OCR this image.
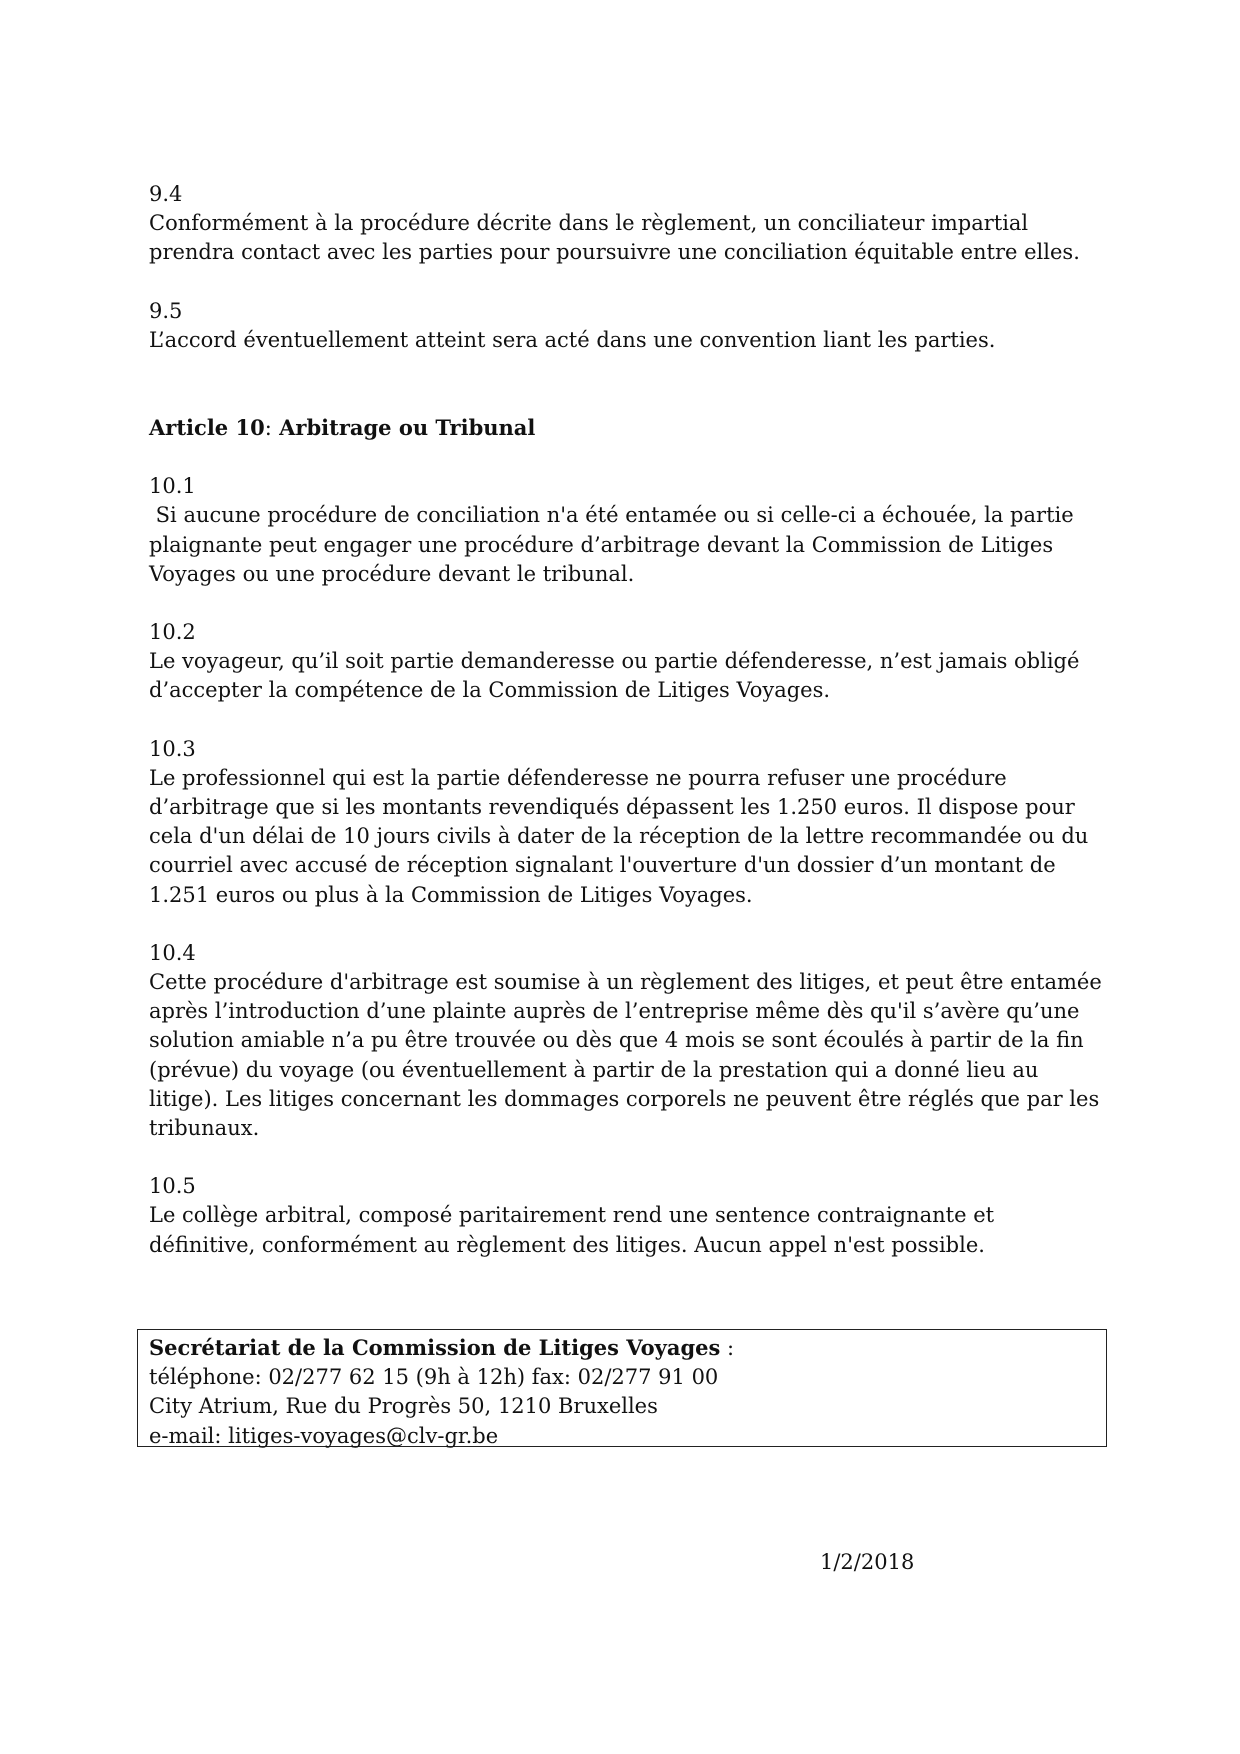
9.4
Conformément à la procédure décrite dans le règlement, un conciliateur impartial
prendra contact avec les parties pour poursuivre une conciliation équitable entre elles.
9.5
L’accord éventuellement atteint sera acté dans une convention liant les parties.
Article 10: Arbitrage ou Tribunal
10.1
Si aucune procédure de conciliation n'a été entamée ou si celle-ci a échouée, la partie
plaignante peut engager une procédure d’arbitrage devant la Commission de Litiges
Voyages ou une procédure devant le tribunal.
10.2
Le voyageur, qu’il soit partie demanderesse ou partie défenderesse, n’est jamais obligé
d’accepter la compétence de la Commission de Litiges Voyages.
10.3
Le professionnel qui est la partie défenderesse ne pourra refuser une procédure
d’arbitrage que si les montants revendiqués dépassent les 1.250 euros. Il dispose pour
cela d'un délai de 10 jours civils à dater de la réception de la lettre recommandée ou du
courriel avec accusé de réception signalant l'ouverture d'un dossier d’un montant de
1.251 euros ou plus à la Commission de Litiges Voyages.
10.4
Cette procédure d'arbitrage est soumise à un règlement des litiges, et peut être entamée
après l’introduction d’une plainte auprès de l’entreprise même dès qu'il s’avère qu’une
solution amiable n’a pu être trouvée ou dès que 4 mois se sont écoulés à partir de la fin
(prévue) du voyage (ou éventuellement à partir de la prestation qui a donné lieu au
litige). Les litiges concernant les dommages corporels ne peuvent être réglés que par les
tribunaux.
10.5
Le collège arbitral, composé paritairement rend une sentence contraignante et
définitive, conformément au règlement des litiges. Aucun appel n'est possible.
Secrétariat de la Commission de Litiges Voyages :
téléphone: 02/277 62 15 (9h à 12h) fax: 02/277 91 00
City Atrium, Rue du Progrès 50, 1210 Bruxelles
e-mail: litiges-voyages@clv-gr.be
1/2/2018
